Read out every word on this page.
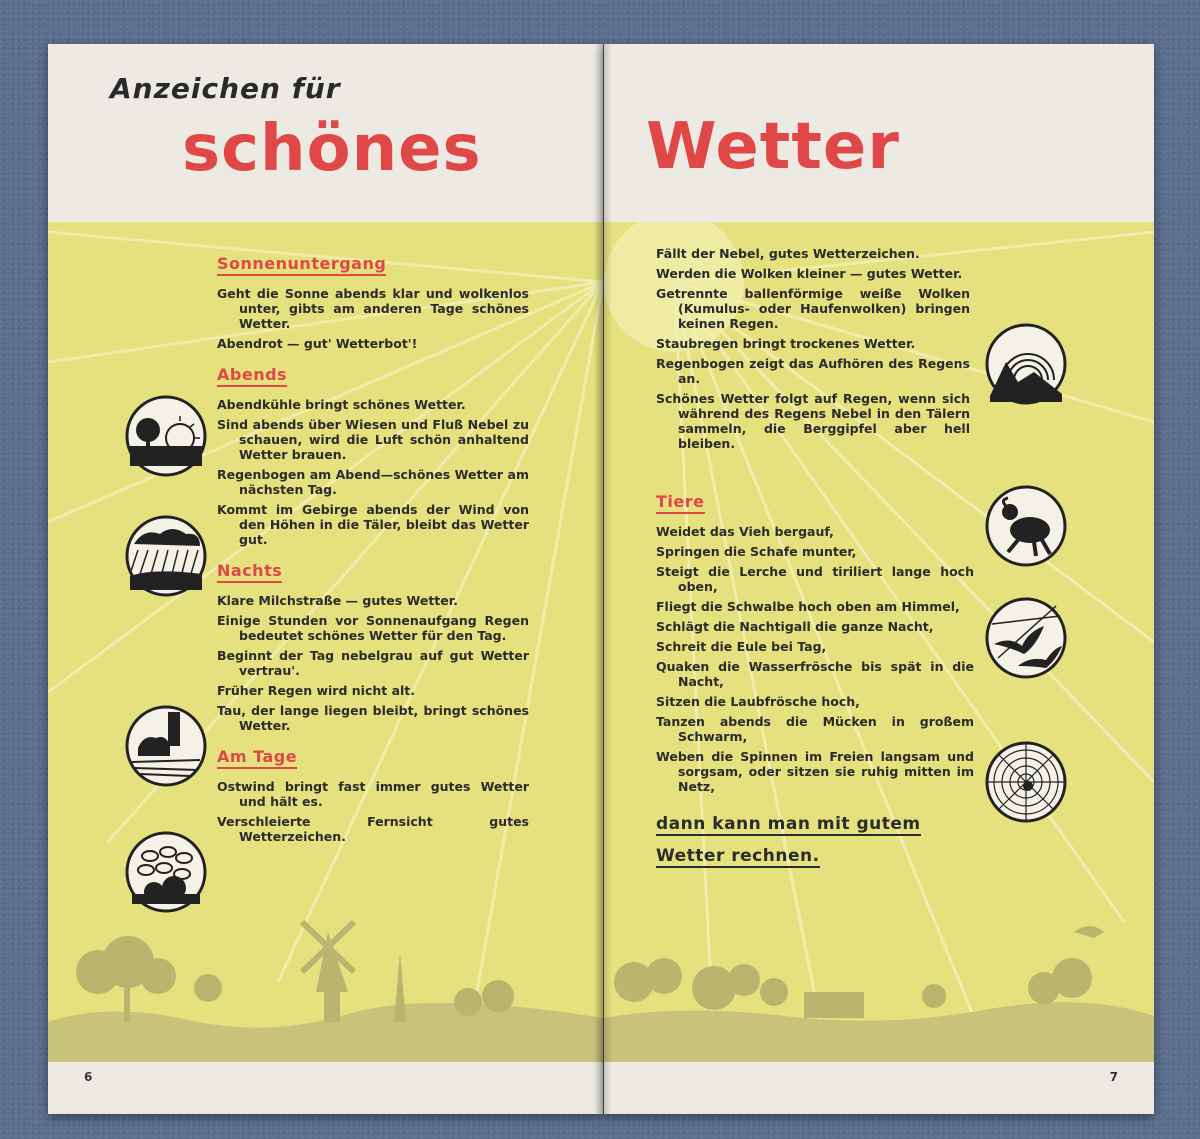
Anzeichen für

schönes

Sonnenuntergang

Geht die Sonne abends klar und wolkenlos unter, gibts am anderen Tage schönes Wetter.

Abendrot — gut' Wetterbot'!

Abends

Abendkühle bringt schönes Wetter.

Sind abends über Wiesen und Fluß Nebel zu schauen, wird die Luft schön anhaltend Wetter brauen.

Regenbogen am Abend—schönes Wetter am nächsten Tag.

Kommt im Gebirge abends der Wind von den Höhen in die Täler, bleibt das Wetter gut.

Nachts

Klare Milchstraße — gutes Wetter.

Einige Stunden vor Sonnenaufgang Regen bedeutet schönes Wetter für den Tag.

Beginnt der Tag nebelgrau auf gut Wetter vertrau'.

Früher Regen wird nicht alt.

Tau, der lange liegen bleibt, bringt schönes Wetter.

Am Tage

Ostwind bringt fast immer gutes Wetter und hält es.

Verschleierte Fernsicht gutes Wetterzeichen.

6
Wetter

Fällt der Nebel, gutes Wetterzeichen.

Werden die Wolken kleiner — gutes Wetter.

Getrennte ballenförmige weiße Wolken (Kumulus- oder Haufenwolken) bringen keinen Regen.

Staubregen bringt trockenes Wetter.

Regenbogen zeigt das Aufhören des Regens an.

Schönes Wetter folgt auf Regen, wenn sich während des Regens Nebel in den Tälern sammeln, die Berggipfel aber hell bleiben.

Tiere

Weidet das Vieh bergauf,

Springen die Schafe munter,

Steigt die Lerche und tiriliert lange hoch oben,

Fliegt die Schwalbe hoch oben am Himmel,

Schlägt die Nachtigall die ganze Nacht,

Schreit die Eule bei Tag,

Quaken die Wasserfrösche bis spät in die Nacht,

Sitzen die Laubfrösche hoch,

Tanzen abends die Mücken in großem Schwarm,

Weben die Spinnen im Freien langsam und sorgsam, oder sitzen sie ruhig mitten im Netz,

dann kann man mit gutem
Wetter rechnen.

7
